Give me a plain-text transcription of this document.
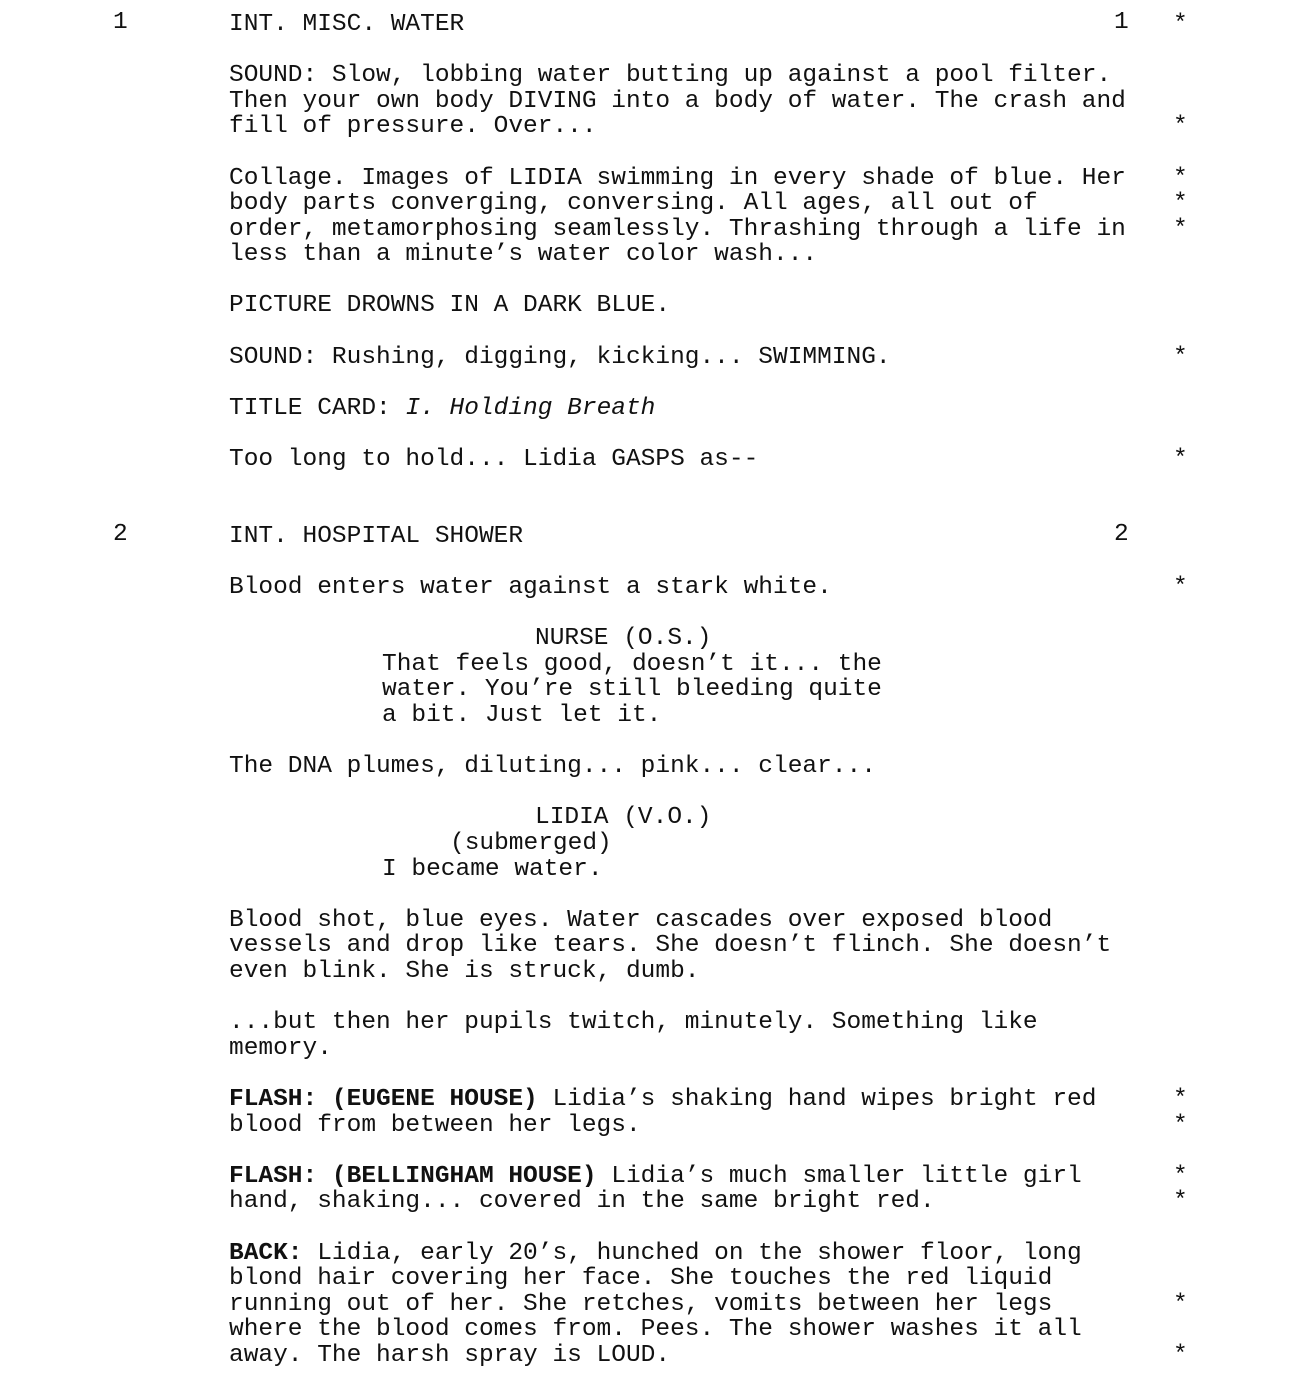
1	INT. MISC. WATER	1 *
SOUND: Slow, lobbing water butting up against a pool filter.
Then your own body DIVING into a body of water. The crash and
fill of pressure. Over...	*
Collage. Images of LIDIA swimming in every shade of blue. Her
body parts converging, conversing. All ages, all out of
order, metamorphosing seamlessly. Thrashing through a life in
less than a minute’s water color wash...
*
*
*
PICTURE DROWNS IN A DARK BLUE.
SOUND: Rushing, digging, kicking... SWIMMING.	*
TITLE CARD: I. Holding Breath
Too long to hold... Lidia GASPS as--	*
2	INT. HOSPITAL SHOWER	2
Blood enters water against a stark white.	*
NURSE (O.S.)
That feels good, doesn’t it... the
water. You’re still bleeding quite
a bit. Just let it.
The DNA plumes, diluting... pink... clear...
LIDIA (V.O.)
(submerged)
I became water.
Blood shot, blue eyes. Water cascades over exposed blood
vessels and drop like tears. She doesn’t flinch. She doesn’t
even blink. She is struck, dumb.
...but then her pupils twitch, minutely. Something like
memory.
FLASH: (EUGENE HOUSE) Lidia’s shaking hand wipes bright red
blood from between her legs.
*
*
FLASH: (BELLINGHAM HOUSE) Lidia’s much smaller little girl
hand, shaking... covered in the same bright red.
*
*
BACK: Lidia, early 20’s, hunched on the shower floor, long
blond hair covering her face. She touches the red liquid
running out of her. She retches, vomits between her legs
where the blood comes from. Pees. The shower washes it all
away. The harsh spray is LOUD.
*
*
